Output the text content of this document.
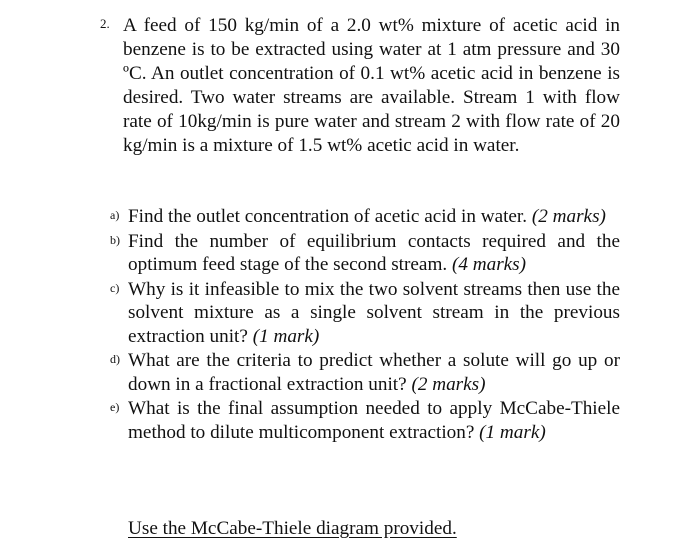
2. A feed of 150 kg/min of a 2.0 wt% mixture of acetic acid in benzene is to be extracted using water at 1 atm pressure and 30 ºC. An outlet concentration of 0.1 wt% acetic acid in benzene is desired. Two water streams are available. Stream 1 with flow rate of 10kg/min is pure water and stream 2 with flow rate of 20 kg/min is a mixture of 1.5 wt% acetic acid in water.
a) Find the outlet concentration of acetic acid in water. (2 marks)
b) Find the number of equilibrium contacts required and the optimum feed stage of the second stream. (4 marks)
c) Why is it infeasible to mix the two solvent streams then use the solvent mixture as a single solvent stream in the previous extraction unit? (1 mark)
d) What are the criteria to predict whether a solute will go up or down in a fractional extraction unit? (2 marks)
e) What is the final assumption needed to apply McCabe-Thiele method to dilute multicomponent extraction? (1 mark)
Use the McCabe-Thiele diagram provided.
